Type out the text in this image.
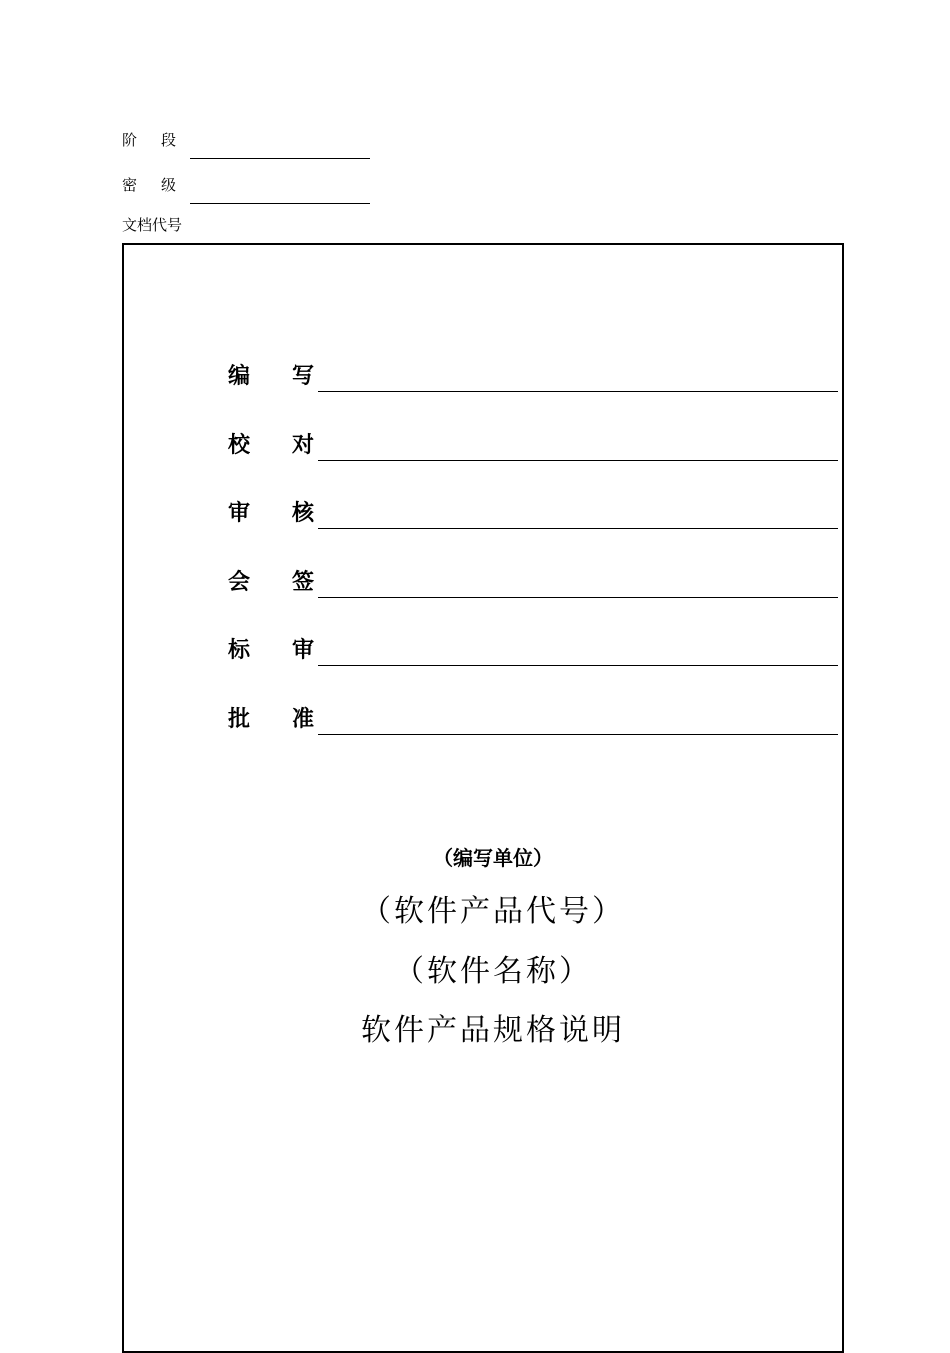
阶 段
密 级
文档代号
编 写
校 对
审 核
会 签
标 审
批 准
（编写单位）
（软件产品代号）
（软件名称）
软件产品规格说明
